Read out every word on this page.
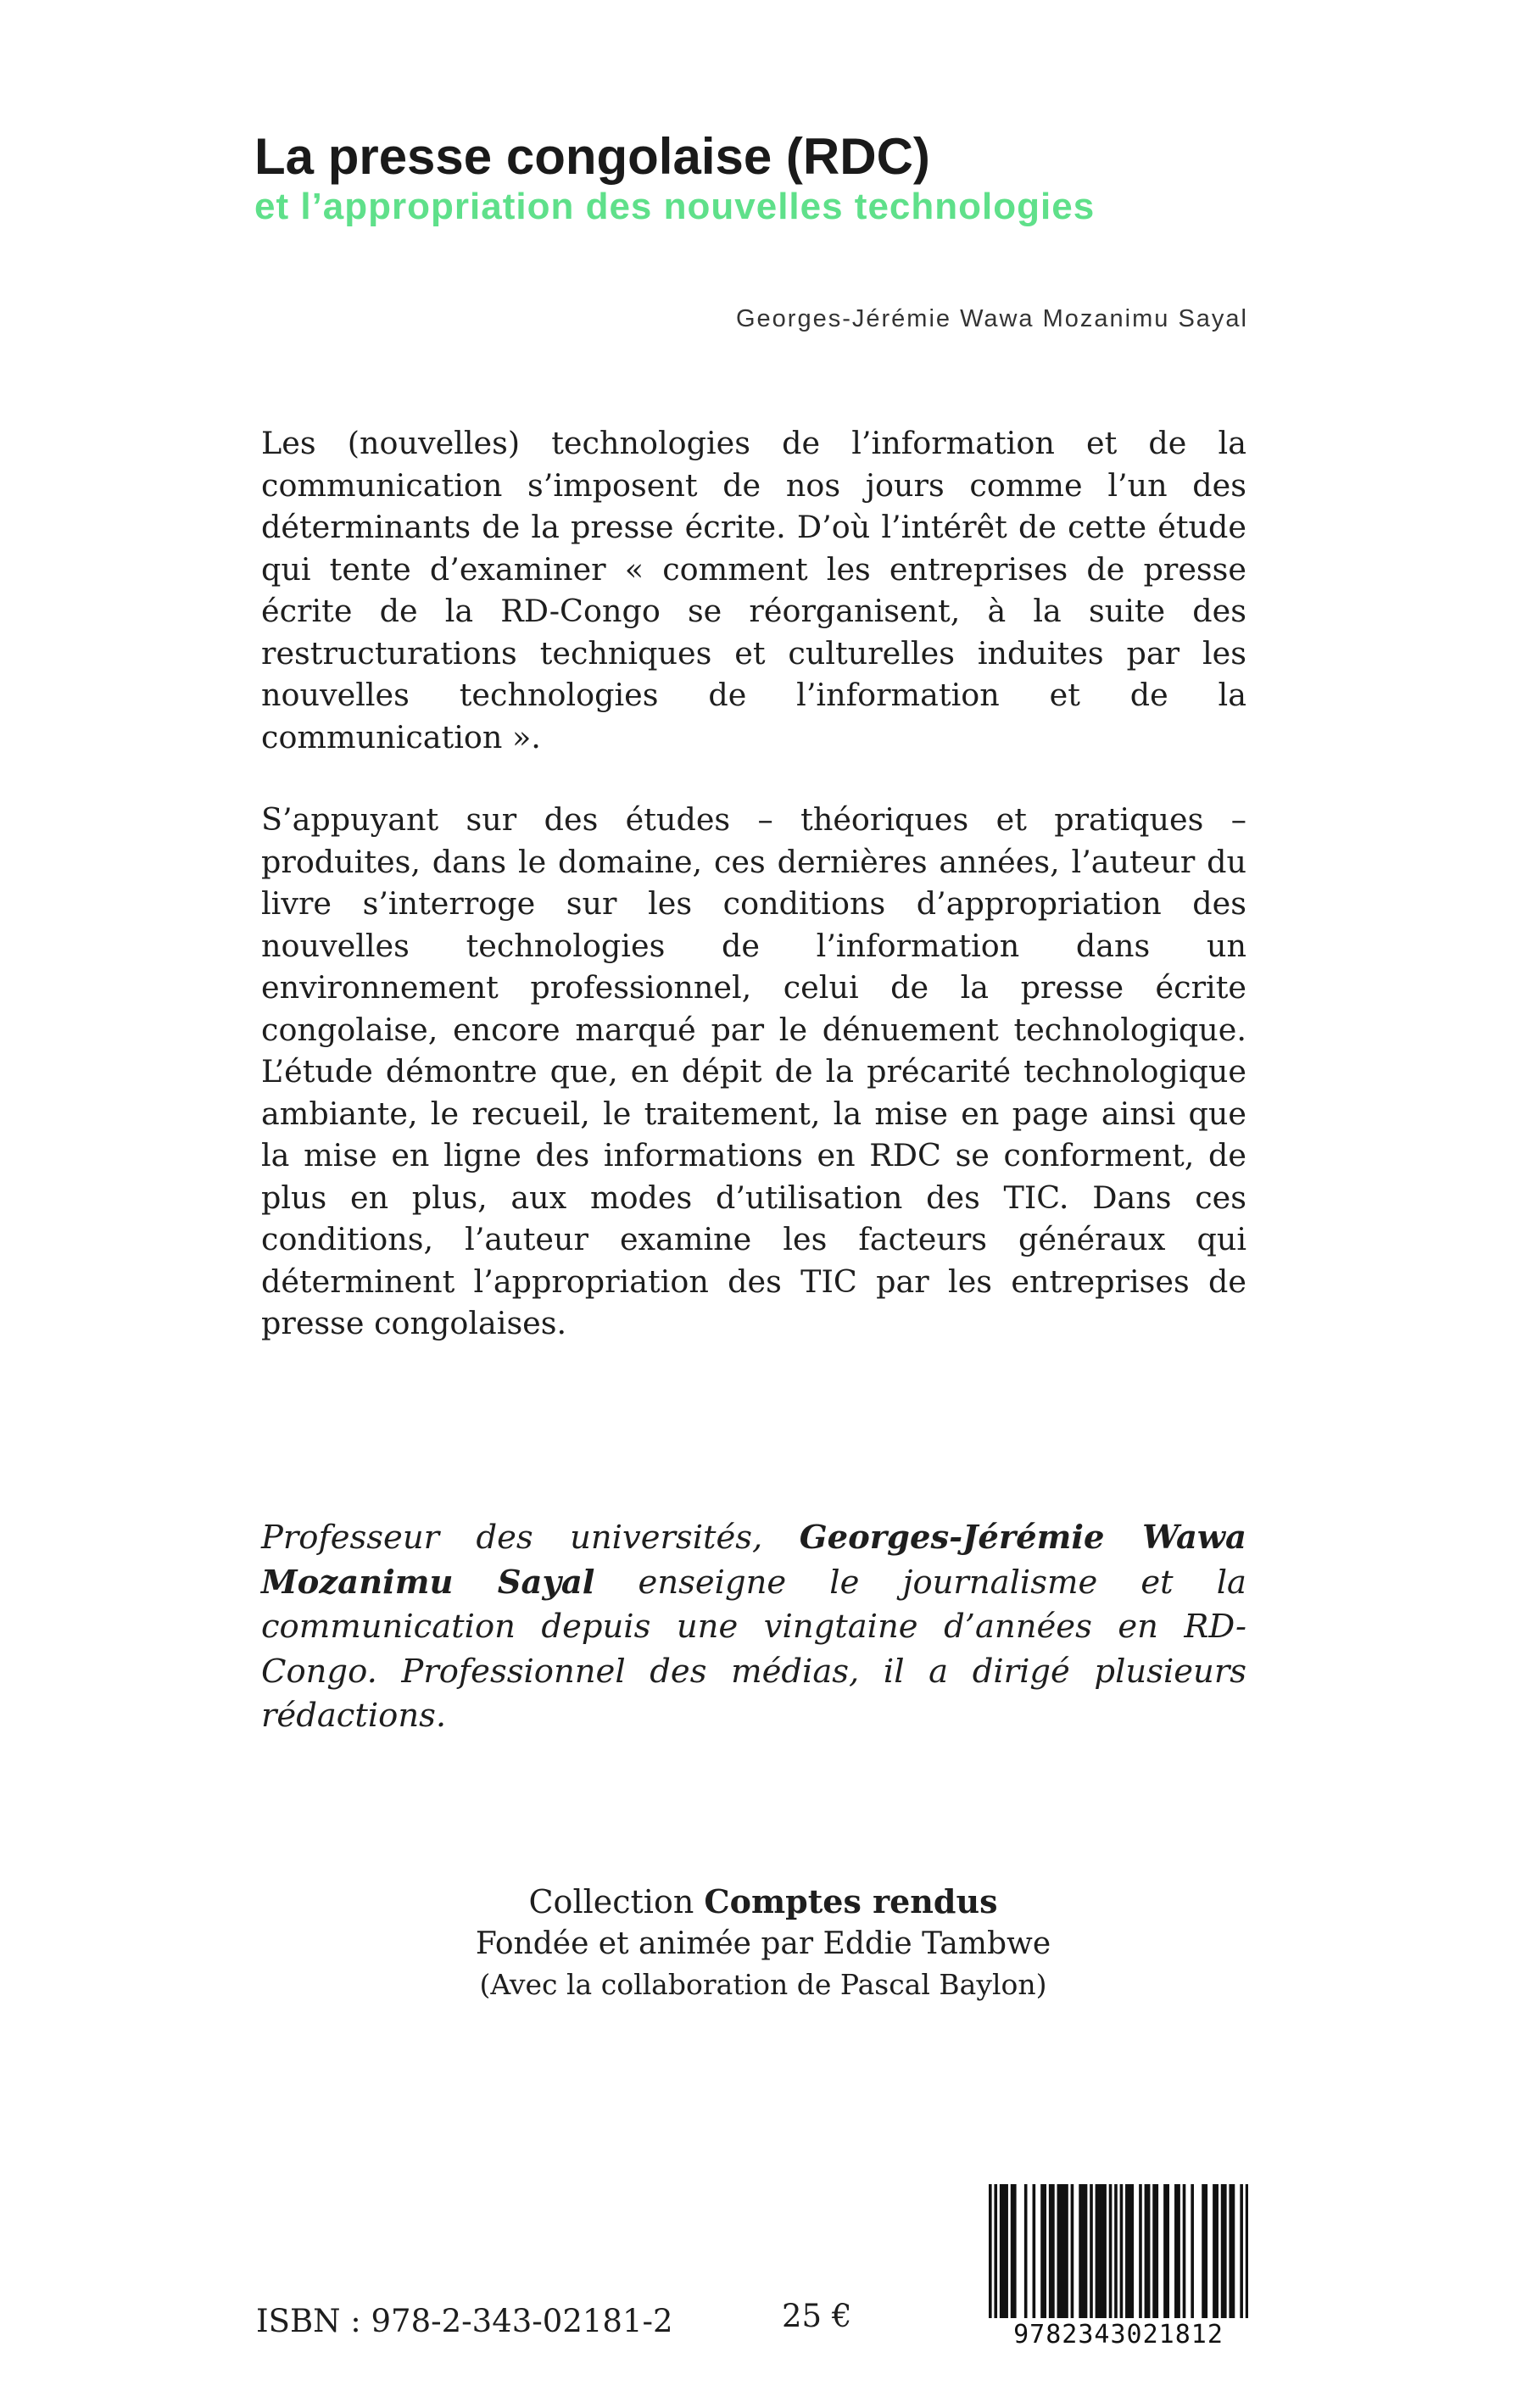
La presse congolaise (RDC)
et l’appropriation des nouvelles technologies

Georges-Jérémie Wawa Mozanimu Sayal

Les (nouvelles) technologies de l’information et de la communication s’imposent de nos jours comme l’un des déterminants de la presse écrite. D’où l’intérêt de cette étude qui tente d’examiner « comment les entreprises de presse écrite de la RD-Congo se réorganisent, à la suite des restructurations techniques et culturelles induites par les nouvelles technologies de l’information et de la communication ».

S’appuyant sur des études – théoriques et pratiques – produites, dans le domaine, ces dernières années, l’auteur du livre s’interroge sur les conditions d’appropriation des nouvelles technologies de l’information dans un environnement professionnel, celui de la presse écrite congolaise, encore marqué par le dénuement technologique. L’étude démontre que, en dépit de la précarité technologique ambiante, le recueil, le traitement, la mise en page ainsi que la mise en ligne des informations en RDC se conforment, de plus en plus, aux modes d’utilisation des TIC. Dans ces conditions, l’auteur examine les facteurs généraux qui déterminent l’appropriation des TIC par les entreprises de presse congolaises.

Professeur des universités, Georges-Jérémie Wawa Mozanimu Sayal enseigne le journalisme et la communication depuis une vingtaine d’années en RD-Congo. Professionnel des médias, il a dirigé plusieurs rédactions.

Collection Comptes rendus
Fondée et animée par Eddie Tambwe
(Avec la collaboration de Pascal Baylon)

ISBN : 978-2-343-02181-2	25 €

9782343021812
